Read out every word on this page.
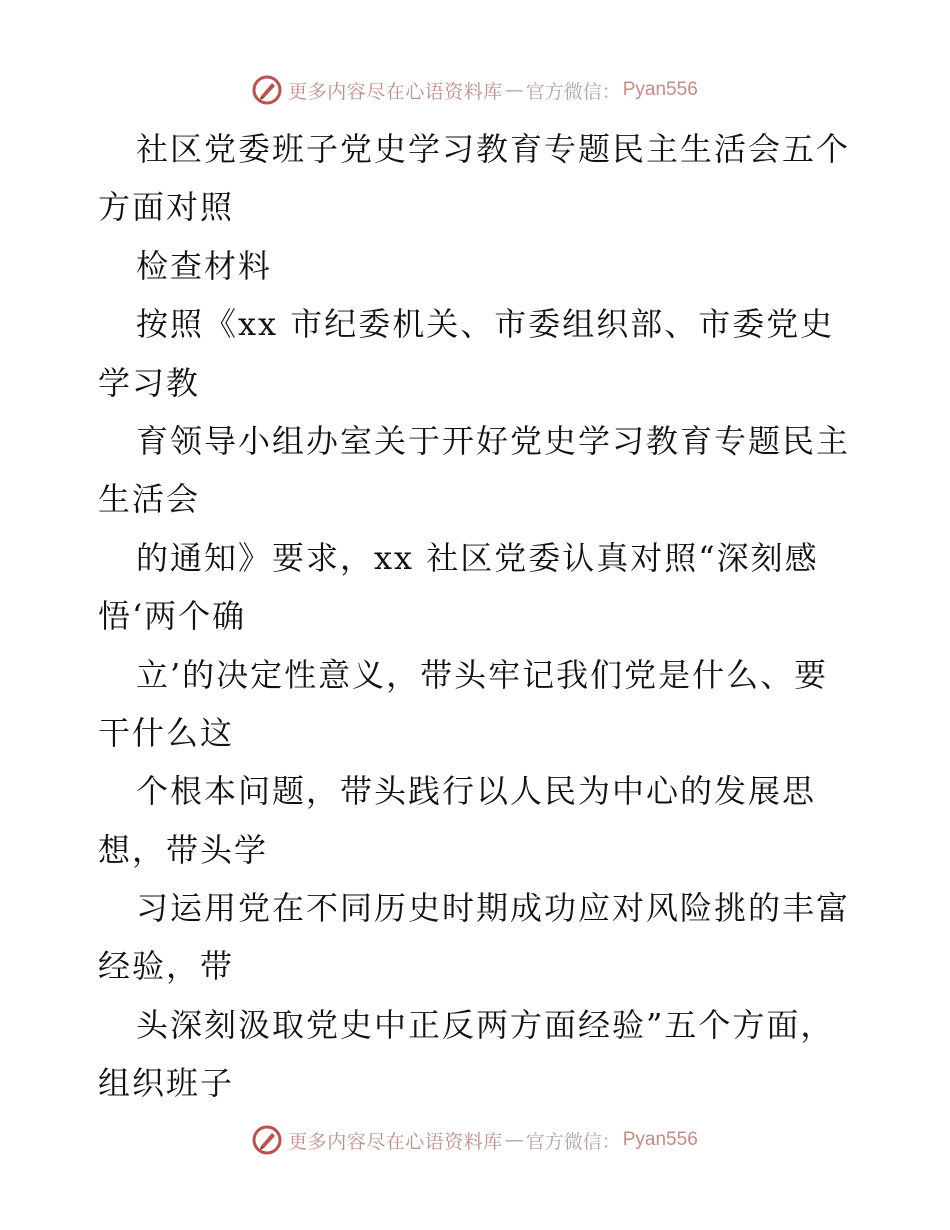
更多内容尽在心语资料库 — 官方微信： Pyan556
社区党委班子党史学习教育专题民主生活会五个
方面对照
检查材料
按照《xx 市纪委机关、市委组织部、市委党史
学习教
育领导小组办室关于开好党史学习教育专题民主
生活会
的通知》要求，xx 社区党委认真对照“深刻感
悟‘两个确
立’的决定性意义，带头牢记我们党是什么、要
干什么这
个根本问题，带头践行以人民为中心的发展思
想，带头学
习运用党在不同历史时期成功应对风险挑的丰富
经验，带
头深刻汲取党史中正反两方面经验”五个方面，
组织班子
更多内容尽在心语资料库 — 官方微信： Pyan556
